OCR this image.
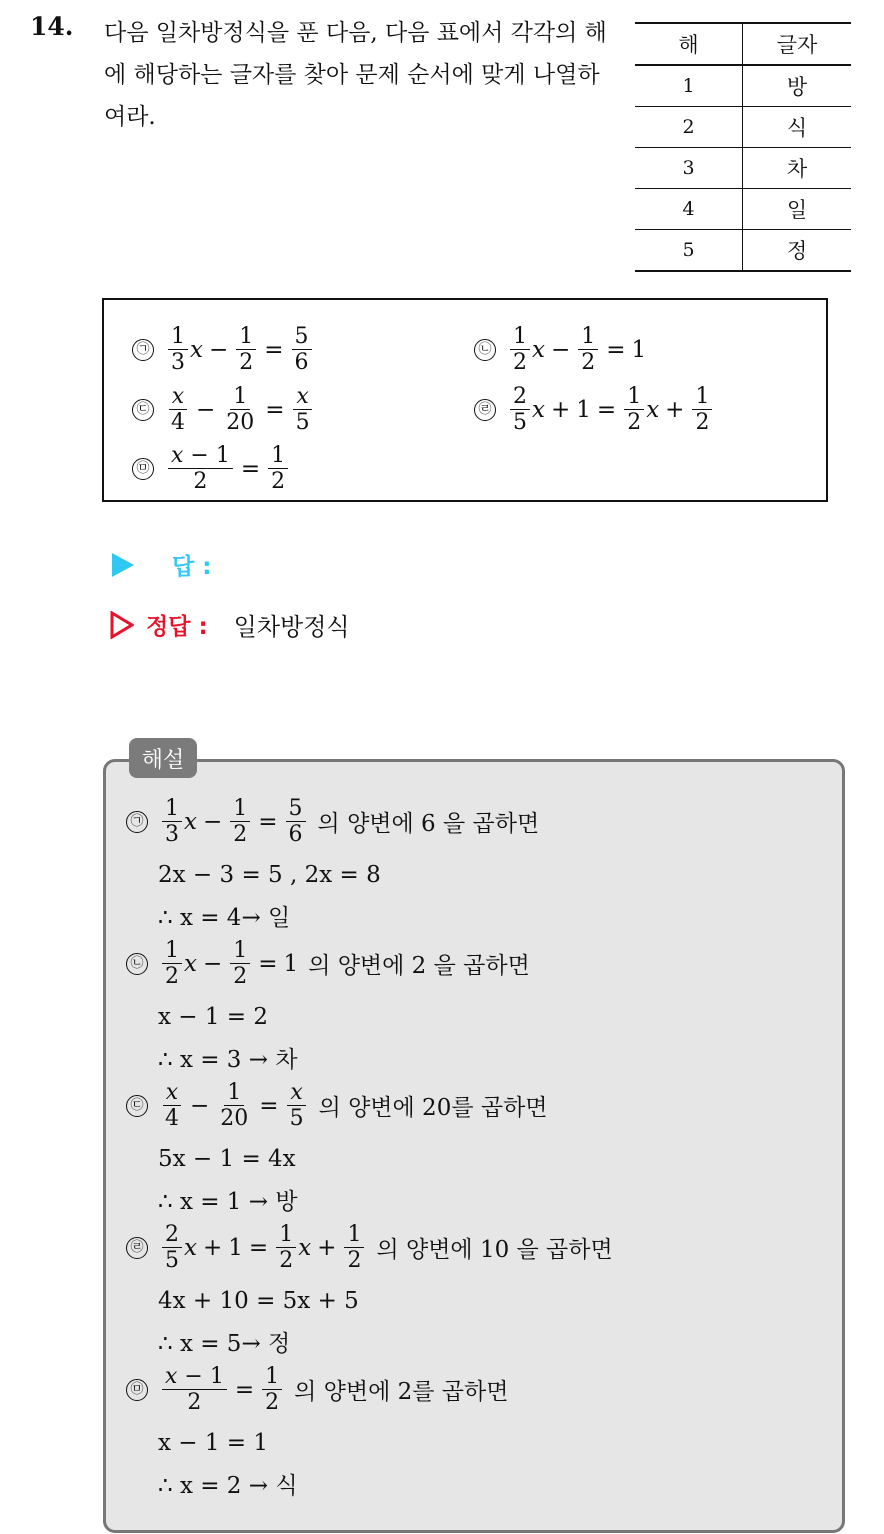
14. 다음 일차방정식을 푼 다음, 다음 표에서 각각의 해에 해당하는 글자를 찾아 문제 순서에 맞게 나열하여라.
해	글자
1	방
2	식
3	차
4	일
5	정
㉠ $\frac{1}{3}$ $x - \frac{1}{2} = \frac{5}{6}$	㉡ $\frac{1}{2}$ $x - \frac{1}{2} = 1$
㉢ $\frac{x}{4} - \frac{1}{20} = \frac{x}{5}$	㉣ $\frac{2}{5}$ $x + 1 = \frac{1}{2}$ $x + \frac{1}{2}$
㉤ $\frac{x - 1}{2} = \frac{1}{2}$
답 :
정답 : 일차방정식
해설
㉠ $\frac{1}{3}$ $x - \frac{1}{2} = \frac{5}{6}$ 의 양변에 6 을 곱하면
2x − 3 = 5 , 2x = 8
∴ x = 4→ 일
㉡ $\frac{1}{2}$ $x - \frac{1}{2} = 1$ 의 양변에 2 을 곱하면
x − 1 = 2
∴ x = 3 → 차
㉢ $\frac{x}{4} - \frac{1}{20} = \frac{x}{5}$ 의 양변에 20를 곱하면
5x − 1 = 4x
∴ x = 1 → 방
㉣ $\frac{2}{5}$ $x + 1 = \frac{1}{2}$ $x + \frac{1}{2}$ 의 양변에 10 을 곱하면
4x + 10 = 5x + 5
∴ x = 5→ 정
㉤ $\frac{x - 1}{2} = \frac{1}{2}$ 의 양변에 2를 곱하면
x − 1 = 1
∴ x = 2 → 식
